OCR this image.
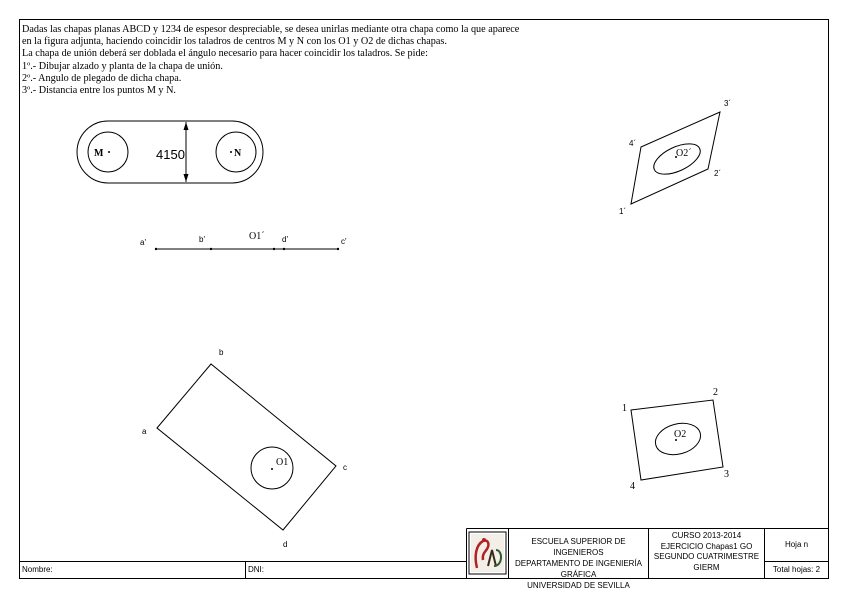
M	N
4150
a'	b'	O1´ d'	c'
O2´
1´
2´
3´
4´
O1
a
b
c
d
O2
1
2
3
4
Dadas las chapas planas ABCD y 1234 de espesor despreciable, se desea unirlas mediante otra chapa como la que aparece
en la figura adjunta, haciendo coincidir los taladros de centros M y N con los O1 y O2 de dichas chapas.
La chapa de unión deberá ser doblada el ángulo necesario para hacer coincidir los taladros. Se pide:
1º.- Dibujar alzado y planta de la chapa de unión.
2º.- Angulo de plegado de dicha chapa.
3º.- Distancia entre los puntos M y N.
ESCUELA SUPERIOR DE INGENIEROS
DEPARTAMENTO DE INGENIERÍA GRÁFICA
UNIVERSIDAD DE SEVILLA
CURSO 2013-2014
EJERCICIO Chapas1 GO
SEGUNDO CUATRIMESTRE
GIERM
Hoja n
Total hojas: 2
Nombre:	DNI:
